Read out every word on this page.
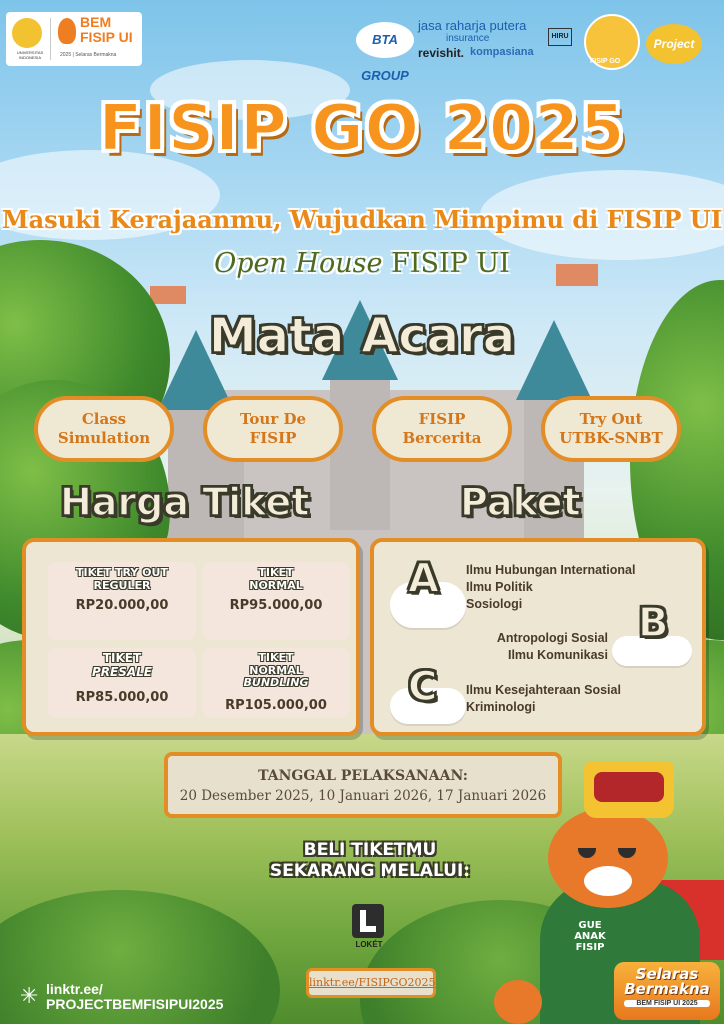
UNIVERSITAS INDONESIA
BEM
FISIP UI
2025 | Selaras Bermakna
BTA GROUP
jasa raharja putera
insurance
revishit. kompasiana
HIRU
FISIP GO
Project
FISIP GO 2025
Masuki Kerajaanmu, Wujudkan Mimpimu di FISIP UI
Open House FISIP UI
Mata Acara
Class
Simulation
Tour De
FISIP
FISIP
Bercerita
Try Out
UTBK-SNBT
Harga Tiket	Paket
TIKET TRY OUT
REGULER
RP20.000,00
TIKET
NORMAL
RP95.000,00
TIKET
PRESALE
RP85.000,00
TIKET
NORMAL
BUNDLING
RP105.000,00
A Ilmu Hubungan International
Ilmu Politik
Sosiologi	B
Antropologi Sosial
Ilmu Komunikasi
C Ilmu Kesejahteraan Sosial
Kriminologi
TANGGAL PELAKSANAAN:
20 Desember 2025, 10 Januari 2026, 17 Januari 2026
BELI TIKETMU
SEKARANG MELALUI:
LOKÉT
linktr.ee/FISIPGO2025
✳ linktr.ee/
PROJECTBEMFISIPUI2025
GUE
ANAK
FISIP
Selaras
Bermakna
BEM FISIP UI 2025
